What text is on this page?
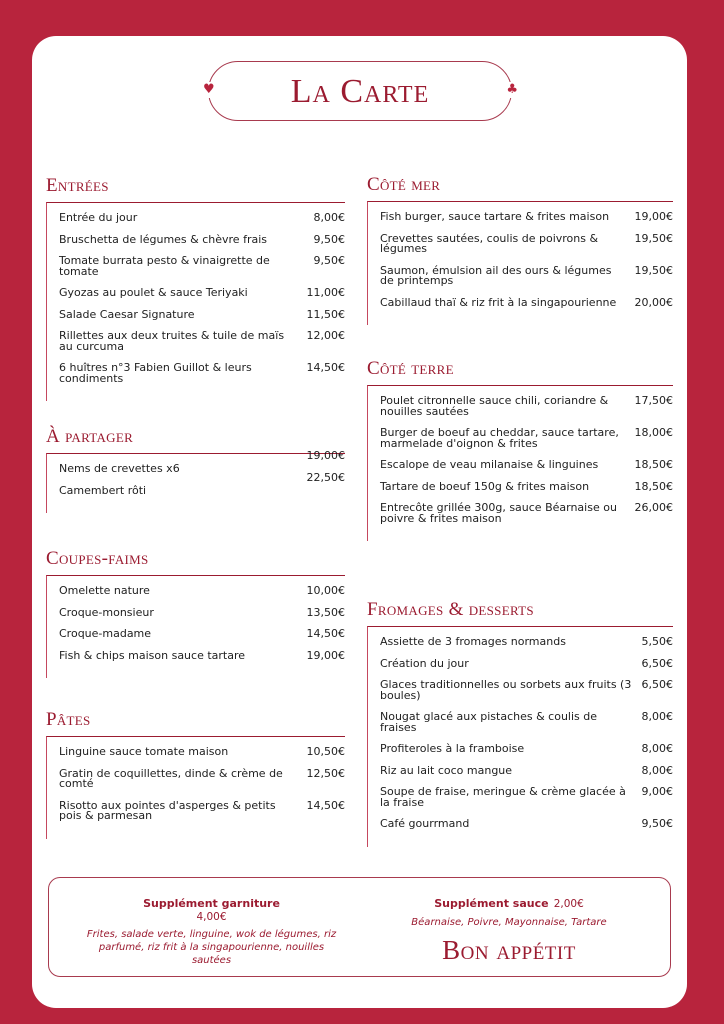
♥ La Carte	♣
Entrées
Entrée du jour	8,00€
Bruschetta de légumes & chèvre frais	9,50€
Tomate burrata pesto & vinaigrette de tomate
9,50€
Gyozas au poulet & sauce Teriyaki	11,00€
Salade Caesar Signature	11,50€
Rillettes aux deux truites & tuile de maïs au curcuma
12,00€
6 huîtres n°3 Fabien Guillot & leurs condiments
14,50€
À partager
Nems de crevettes x6
19,00€
Camembert rôti
22,50€
Coupes-faims
Omelette nature	10,00€
Croque-monsieur	13,50€
Croque-madame	14,50€
Fish & chips maison sauce tartare	19,00€
Pâtes
Linguine sauce tomate maison	10,50€
Gratin de coquillettes, dinde & crème de comté
12,50€
Risotto aux pointes d'asperges & petits pois & parmesan
14,50€
Côté mer
Fish burger, sauce tartare & frites maison	19,00€
Crevettes sautées, coulis de poivrons & légumes
19,50€
Saumon, émulsion ail des ours & légumes de printemps
19,50€
Cabillaud thaï & riz frit à la singapourienne	20,00€
Côté terre
Poulet citronnelle sauce chili, coriandre & nouilles sautées
17,50€
Burger de boeuf au cheddar, sauce tartare, marmelade d'oignon & frites
18,00€
Escalope de veau milanaise & linguines	18,50€
Tartare de boeuf 150g & frites maison	18,50€
Entrecôte grillée 300g, sauce Béarnaise ou poivre & frites maison
26,00€
Fromages & desserts
Assiette de 3 fromages normands	5,50€
Création du jour	6,50€
Glaces traditionnelles ou sorbets aux fruits (3 boules)
6,50€
Nougat glacé aux pistaches & coulis de fraises
8,00€
Profiteroles à la framboise	8,00€
Riz au lait coco mangue	8,00€
Soupe de fraise, meringue & crème glacée à la fraise
9,00€
Café gourrmand	9,50€
Supplément garniture
4,00€
Frites, salade verte, linguine, wok de légumes, riz parfumé, riz frit à la singapourienne, nouilles sautées
Supplément sauce 2,00€
Béarnaise, Poivre, Mayonnaise, Tartare
Bon appétit
